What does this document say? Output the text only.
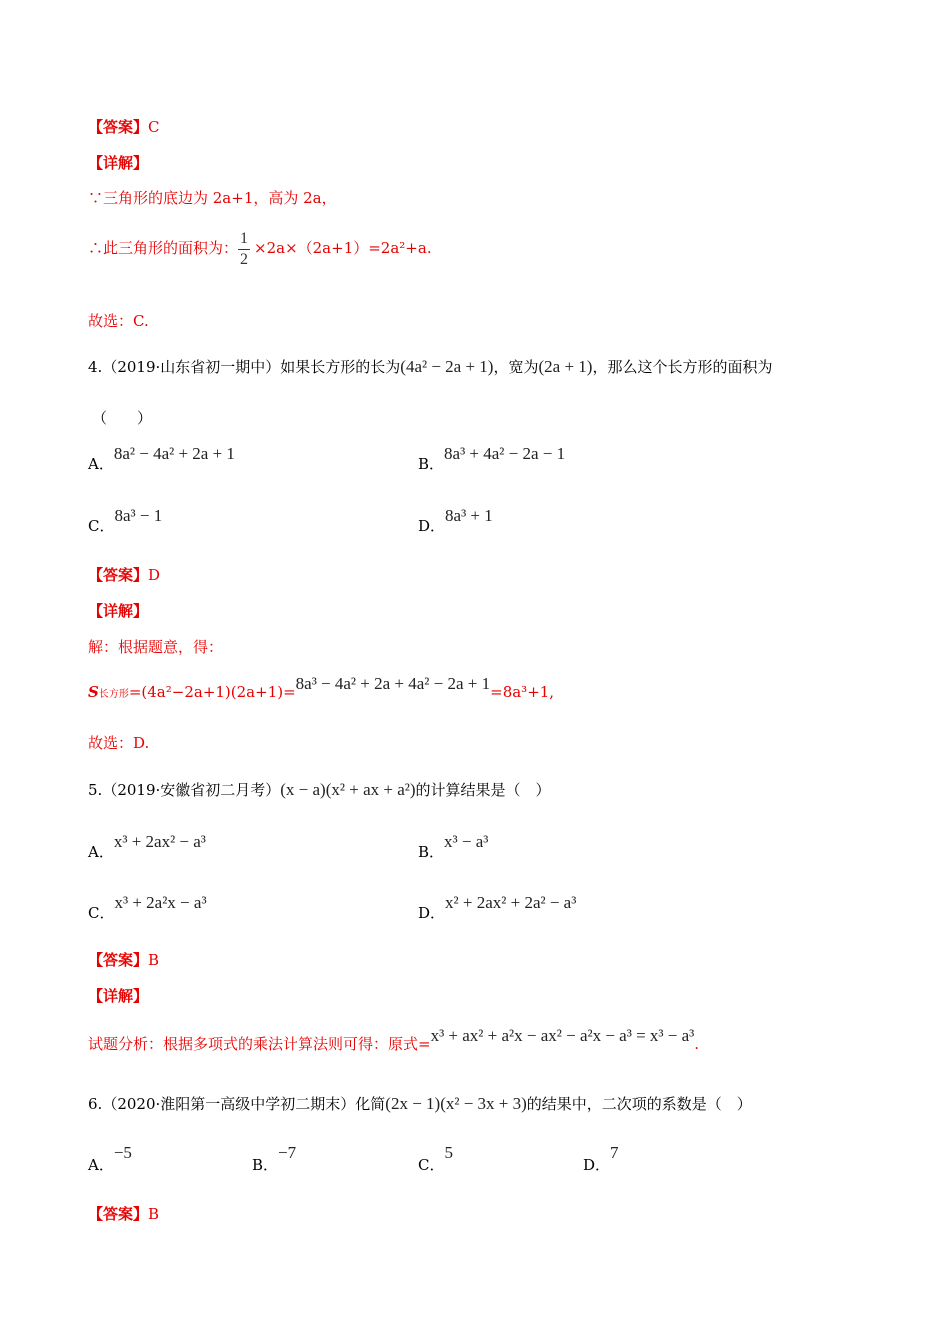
【答案】C
【详解】
∵三角形的底边为 2a+1，高为 2a，
∴此三角形的面积为： $\frac{1}{2} \times 2a\times(2a+1)=2a^2+a$.
故选：C.
4.（2019·山东省初一期中）如果长方形的长为(4a² − 2a + 1)，宽为(2a + 1)，那么这个长方形的面积为
（　　）
A．8a² − 4a² + 2a + 1
B．8a³ + 4a² − 2a − 1
C．8a³ − 1
D．8a³ + 1
【答案】D
【详解】
解：根据题意，得：
S长方形=(4a²−2a+1)(2a+1)=8a³ − 4a² + 2a + 4a² − 2a + 1=8a³+1,
故选：D.
5.（2019·安徽省初二月考）(x − a)(x² + ax + a²)的计算结果是（　）
A．x³ + 2ax² − a³
B．x³ − a³
C．x³ + 2a²x − a³
D．x² + 2ax² + 2a² − a³
【答案】B
【详解】
试题分析：根据多项式的乘法计算法则可得：原式=x³ + ax² + a²x − ax² − a²x − a³ = x³ − a³.
6.（2020·淮阳第一高级中学初二期末）化简(2x − 1)(x² − 3x + 3)的结果中，二次项的系数是（　）
A．−5
B．−7
C．5
D．7
【答案】B
